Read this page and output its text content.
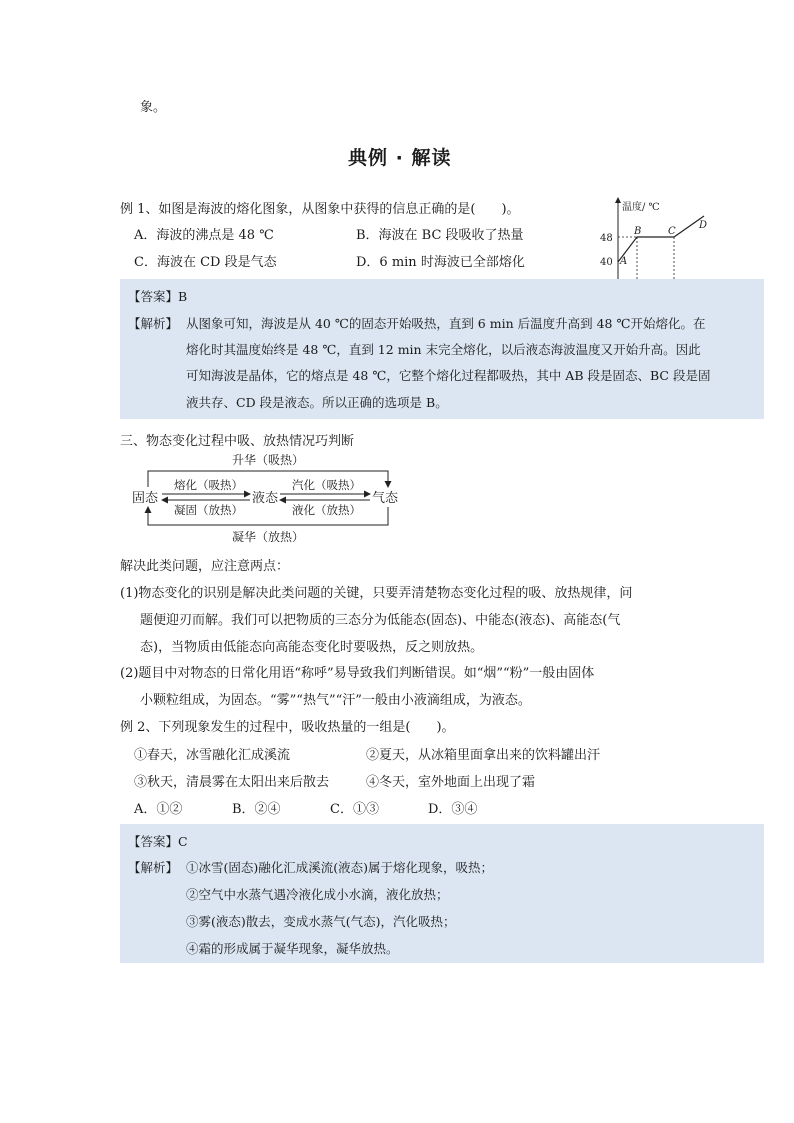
象。
典例 · 解读
例 1、如图是海波的熔化图象，从图象中获得的信息正确的是(　　)。
A．海波的沸点是 48 ℃	B．海波在 BC 段吸收了热量
C．海波在 CD 段是气态	D．6 min 时海波已全部熔化
温度/ ℃
48
40 A
B	C
D
【答案】B
【解析】 从图象可知，海波是从 40 ℃的固态开始吸热，直到 6 min 后温度升高到 48 ℃开始熔化。在
熔化时其温度始终是 48 ℃，直到 12 min 末完全熔化，以后液态海波温度又开始升高。因此
可知海波是晶体，它的熔点是 48 ℃，它整个熔化过程都吸热，其中 AB 段是固态、BC 段是固
液共存、CD 段是液态。所以正确的选项是 B。
三、物态变化过程中吸、放热情况巧判断
升华（吸热）
固态	液态	气态
熔化（吸热）
凝固（放热）
汽化（吸热）
液化（放热）
凝华（放热）
解决此类问题，应注意两点：
(1)物态变化的识别是解决此类问题的关键，只要弄清楚物态变化过程的吸、放热规律，问
题便迎刃而解。我们可以把物质的三态分为低能态(固态)、中能态(液态)、高能态(气
态)，当物质由低能态向高能态变化时要吸热，反之则放热。
(2)题目中对物态的日常化用语“称呼”易导致我们判断错误。如“烟”“粉”一般由固体
小颗粒组成，为固态。“雾”“热气”“汗”一般由小液滴组成，为液态。
例 2、下列现象发生的过程中，吸收热量的一组是(　　)。
①春天，冰雪融化汇成溪流	②夏天，从冰箱里面拿出来的饮料罐出汗
③秋天，清晨雾在太阳出来后散去	④冬天，室外地面上出现了霜
A．①②	B．②④	C．①③	D．③④
【答案】C
【解析】 ①冰雪(固态)融化汇成溪流(液态)属于熔化现象，吸热；
②空气中水蒸气遇冷液化成小水滴，液化放热；
③雾(液态)散去，变成水蒸气(气态)，汽化吸热；
④霜的形成属于凝华现象，凝华放热。
